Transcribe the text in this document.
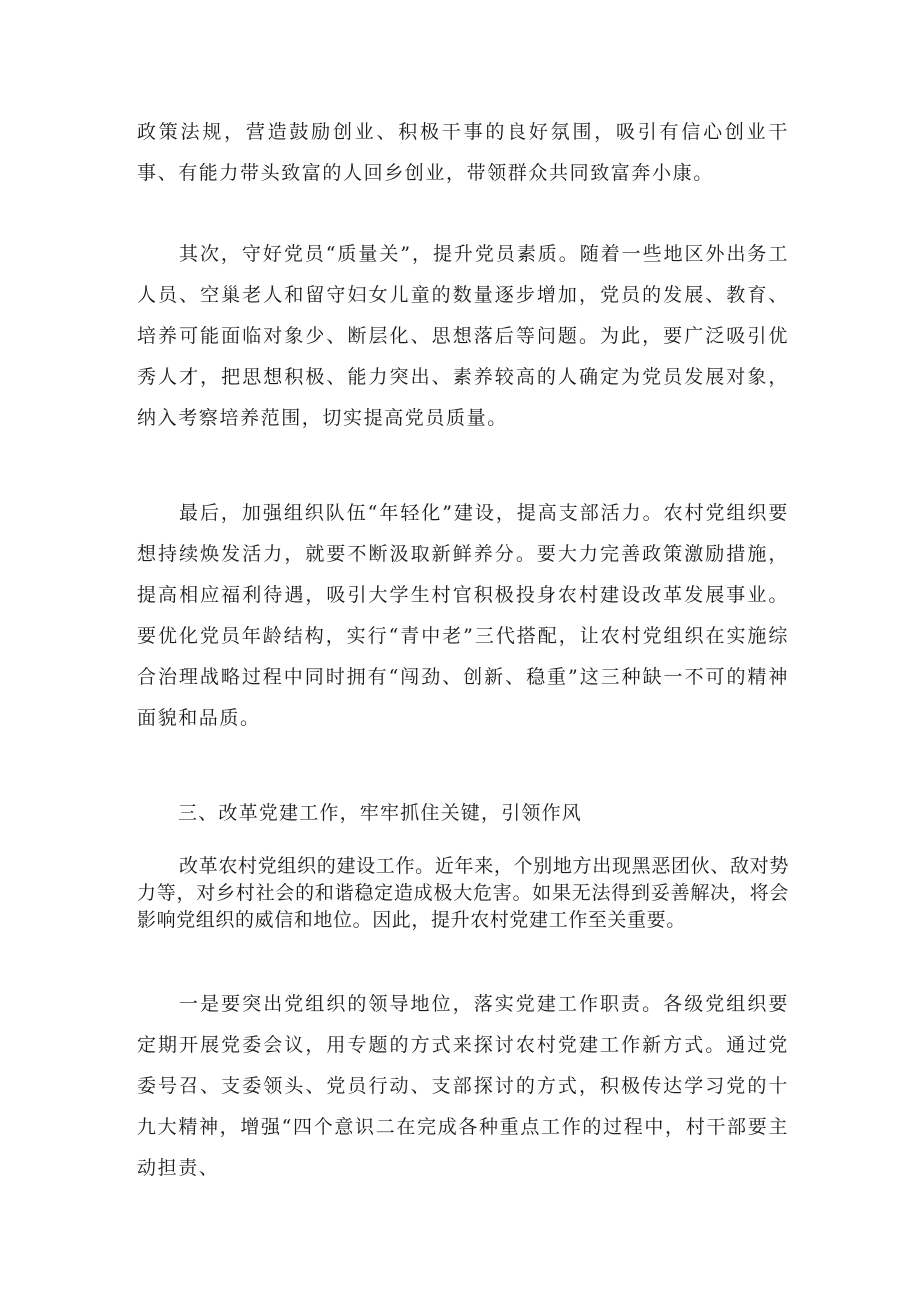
政策法规，营造鼓励创业、积极干事的良好氛围，吸引有信心创业干事、有能力带头致富的人回乡创业，带领群众共同致富奔小康。

其次，守好党员“质量关”，提升党员素质。随着一些地区外出务工人员、空巢老人和留守妇女儿童的数量逐步增加，党员的发展、教育、培养可能面临对象少、断层化、思想落后等问题。为此，要广泛吸引优秀人才，把思想积极、能力突出、素养较高的人确定为党员发展对象，纳入考察培养范围，切实提高党员质量。

最后，加强组织队伍“年轻化”建设，提高支部活力。农村党组织要想持续焕发活力，就要不断汲取新鲜养分。要大力完善政策激励措施，提高相应福利待遇，吸引大学生村官积极投身农村建设改革发展事业。要优化党员年龄结构，实行“青中老”三代搭配，让农村党组织在实施综合治理战略过程中同时拥有“闯劲、创新、稳重”这三种缺一不可的精神面貌和品质。

三、改革党建工作，牢牢抓住关键，引领作风

改革农村党组织的建设工作。近年来，个别地方出现黑恶团伙、敌对势力等，对乡村社会的和谐稳定造成极大危害。如果无法得到妥善解决，将会影响党组织的威信和地位。因此，提升农村党建工作至关重要。

一是要突出党组织的领导地位，落实党建工作职责。各级党组织要定期开展党委会议，用专题的方式来探讨农村党建工作新方式。通过党委号召、支委领头、党员行动、支部探讨的方式，积极传达学习党的十九大精神，增强“四个意识二在完成各种重点工作的过程中，村干部要主动担责、
